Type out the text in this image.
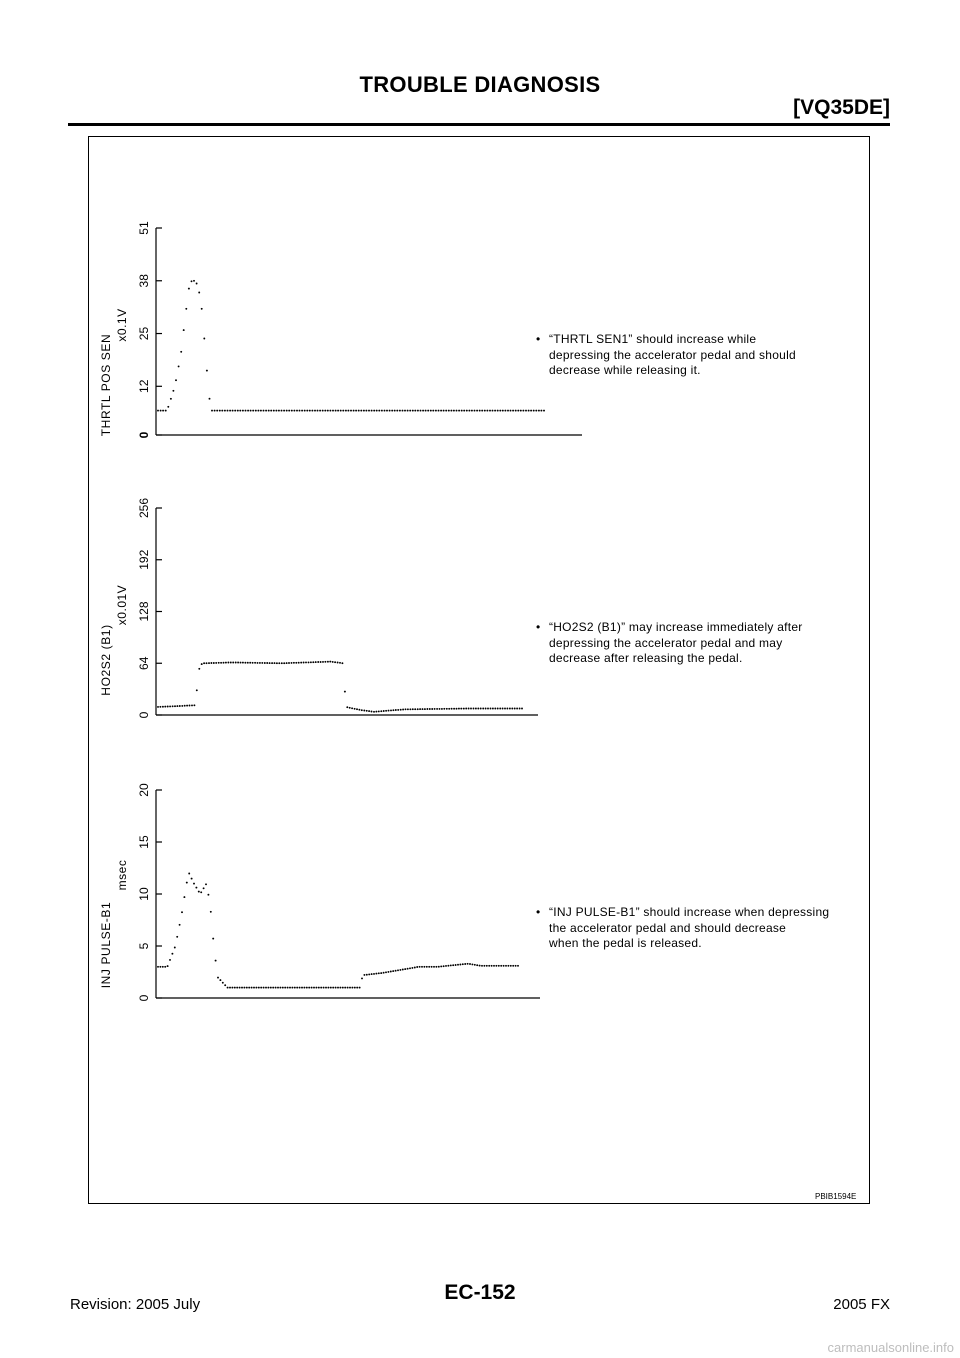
TROUBLE DIAGNOSIS
[VQ35DE]
0
12
25
38
51
THRTL POS SEN
x0.1V
0
64
128
192
256
HO2S2 (B1)
x0.01V
0
5
10
15
20
INJ PULSE-B1
msec
• “THRTL SEN1” should increase while
depressing the accelerator pedal and should
decrease while releasing it.
• “HO2S2 (B1)” may increase immediately after
depressing the accelerator pedal and may
decrease after releasing the pedal.
• “INJ PULSE-B1” should increase when depressing
the accelerator pedal and should decrease
when the pedal is released.
PBIB1594E
Revision: 2005 July
EC-152
2005 FX
carmanualsonline.info
